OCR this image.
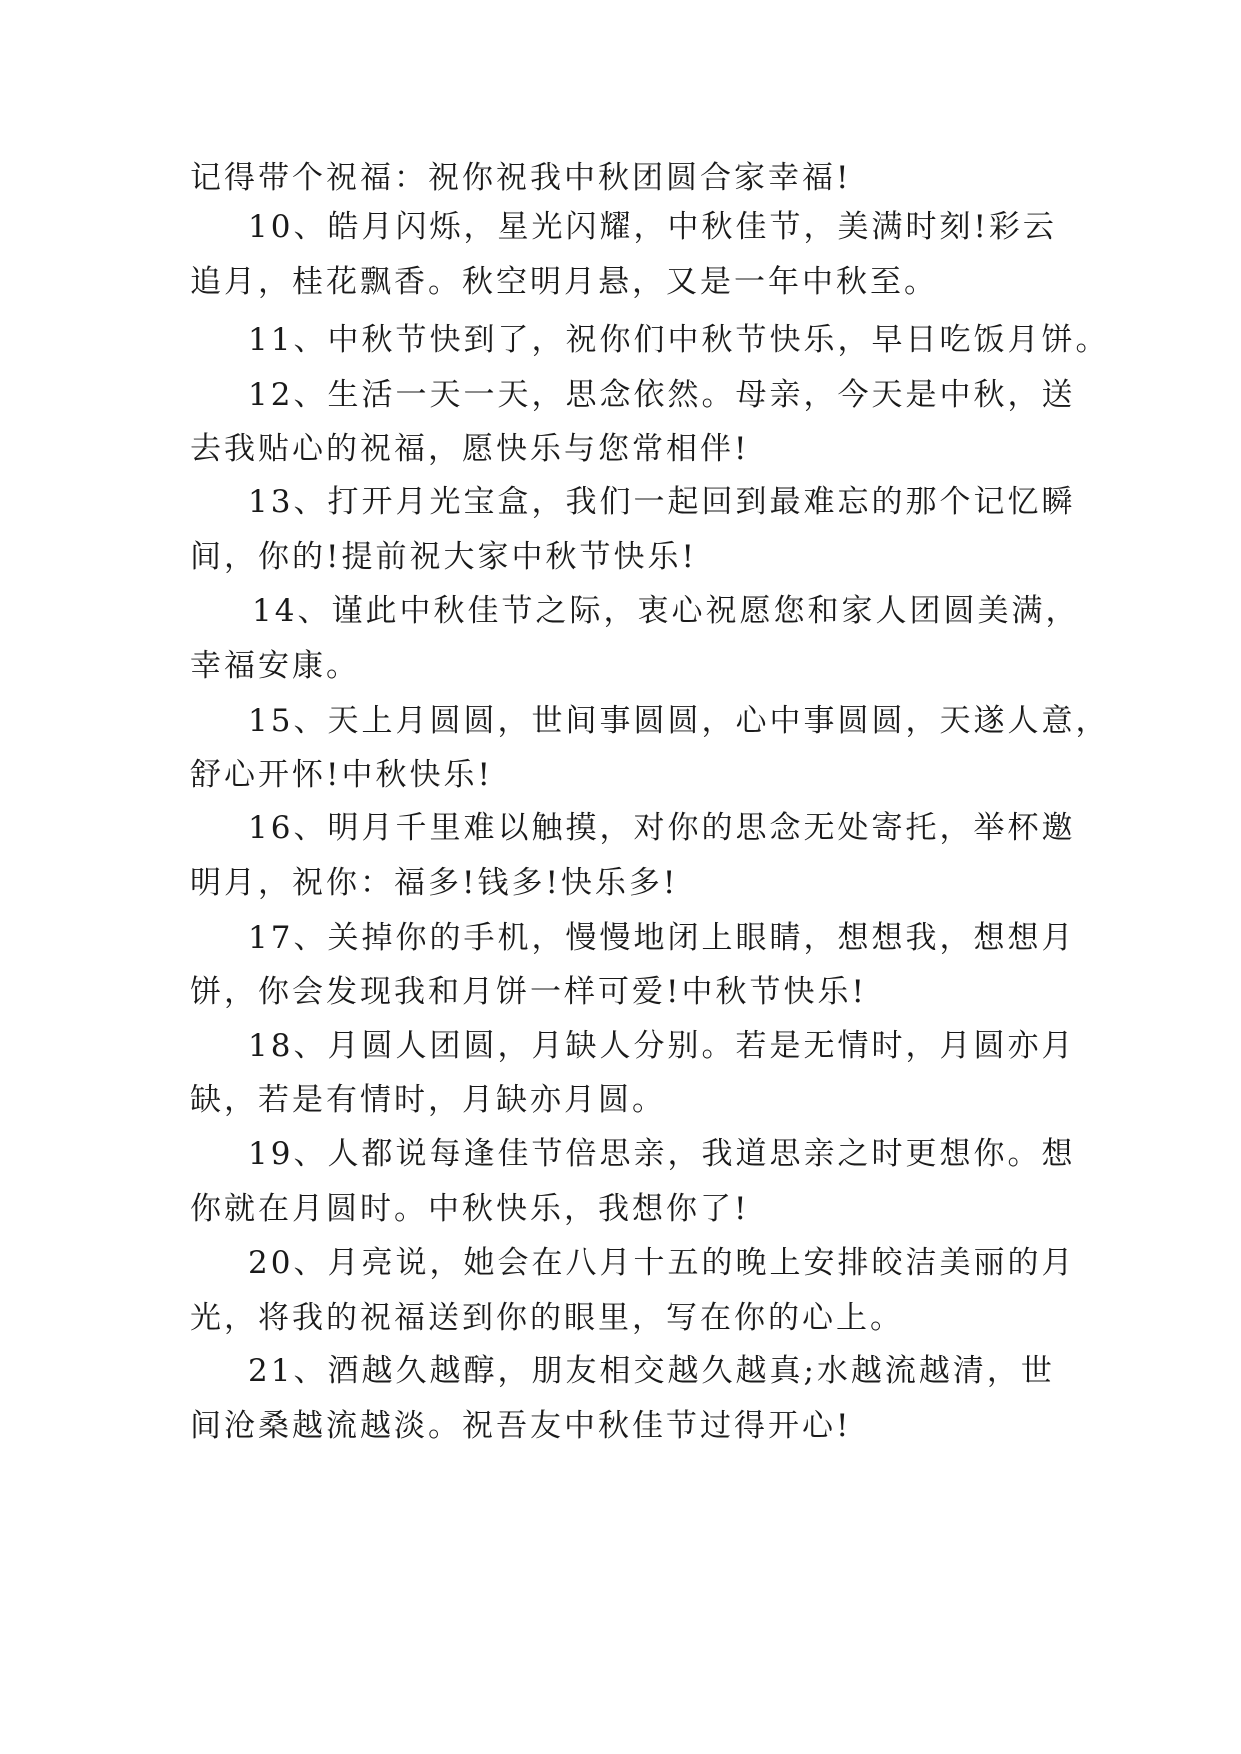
记得带个祝福：祝你祝我中秋团圆合家幸福!
10、皓月闪烁，星光闪耀，中秋佳节，美满时刻!彩云
追月，桂花飘香。秋空明月悬，又是一年中秋至。
11、中秋节快到了，祝你们中秋节快乐，早日吃饭月饼。
12、生活一天一天，思念依然。母亲，今天是中秋，送
去我贴心的祝福，愿快乐与您常相伴!
13、打开月光宝盒，我们一起回到最难忘的那个记忆瞬
间，你的!提前祝大家中秋节快乐!
14、谨此中秋佳节之际，衷心祝愿您和家人团圆美满，
幸福安康。
15、天上月圆圆，世间事圆圆，心中事圆圆，天遂人意，
舒心开怀!中秋快乐!
16、明月千里难以触摸，对你的思念无处寄托，举杯邀
明月，祝你：福多!钱多!快乐多!
17、关掉你的手机，慢慢地闭上眼睛，想想我，想想月
饼，你会发现我和月饼一样可爱!中秋节快乐!
18、月圆人团圆，月缺人分别。若是无情时，月圆亦月
缺，若是有情时，月缺亦月圆。
19、人都说每逢佳节倍思亲，我道思亲之时更想你。想
你就在月圆时。中秋快乐，我想你了!
20、月亮说，她会在八月十五的晚上安排皎洁美丽的月
光，将我的祝福送到你的眼里，写在你的心上。
21、酒越久越醇，朋友相交越久越真;水越流越清，世
间沧桑越流越淡。祝吾友中秋佳节过得开心!
